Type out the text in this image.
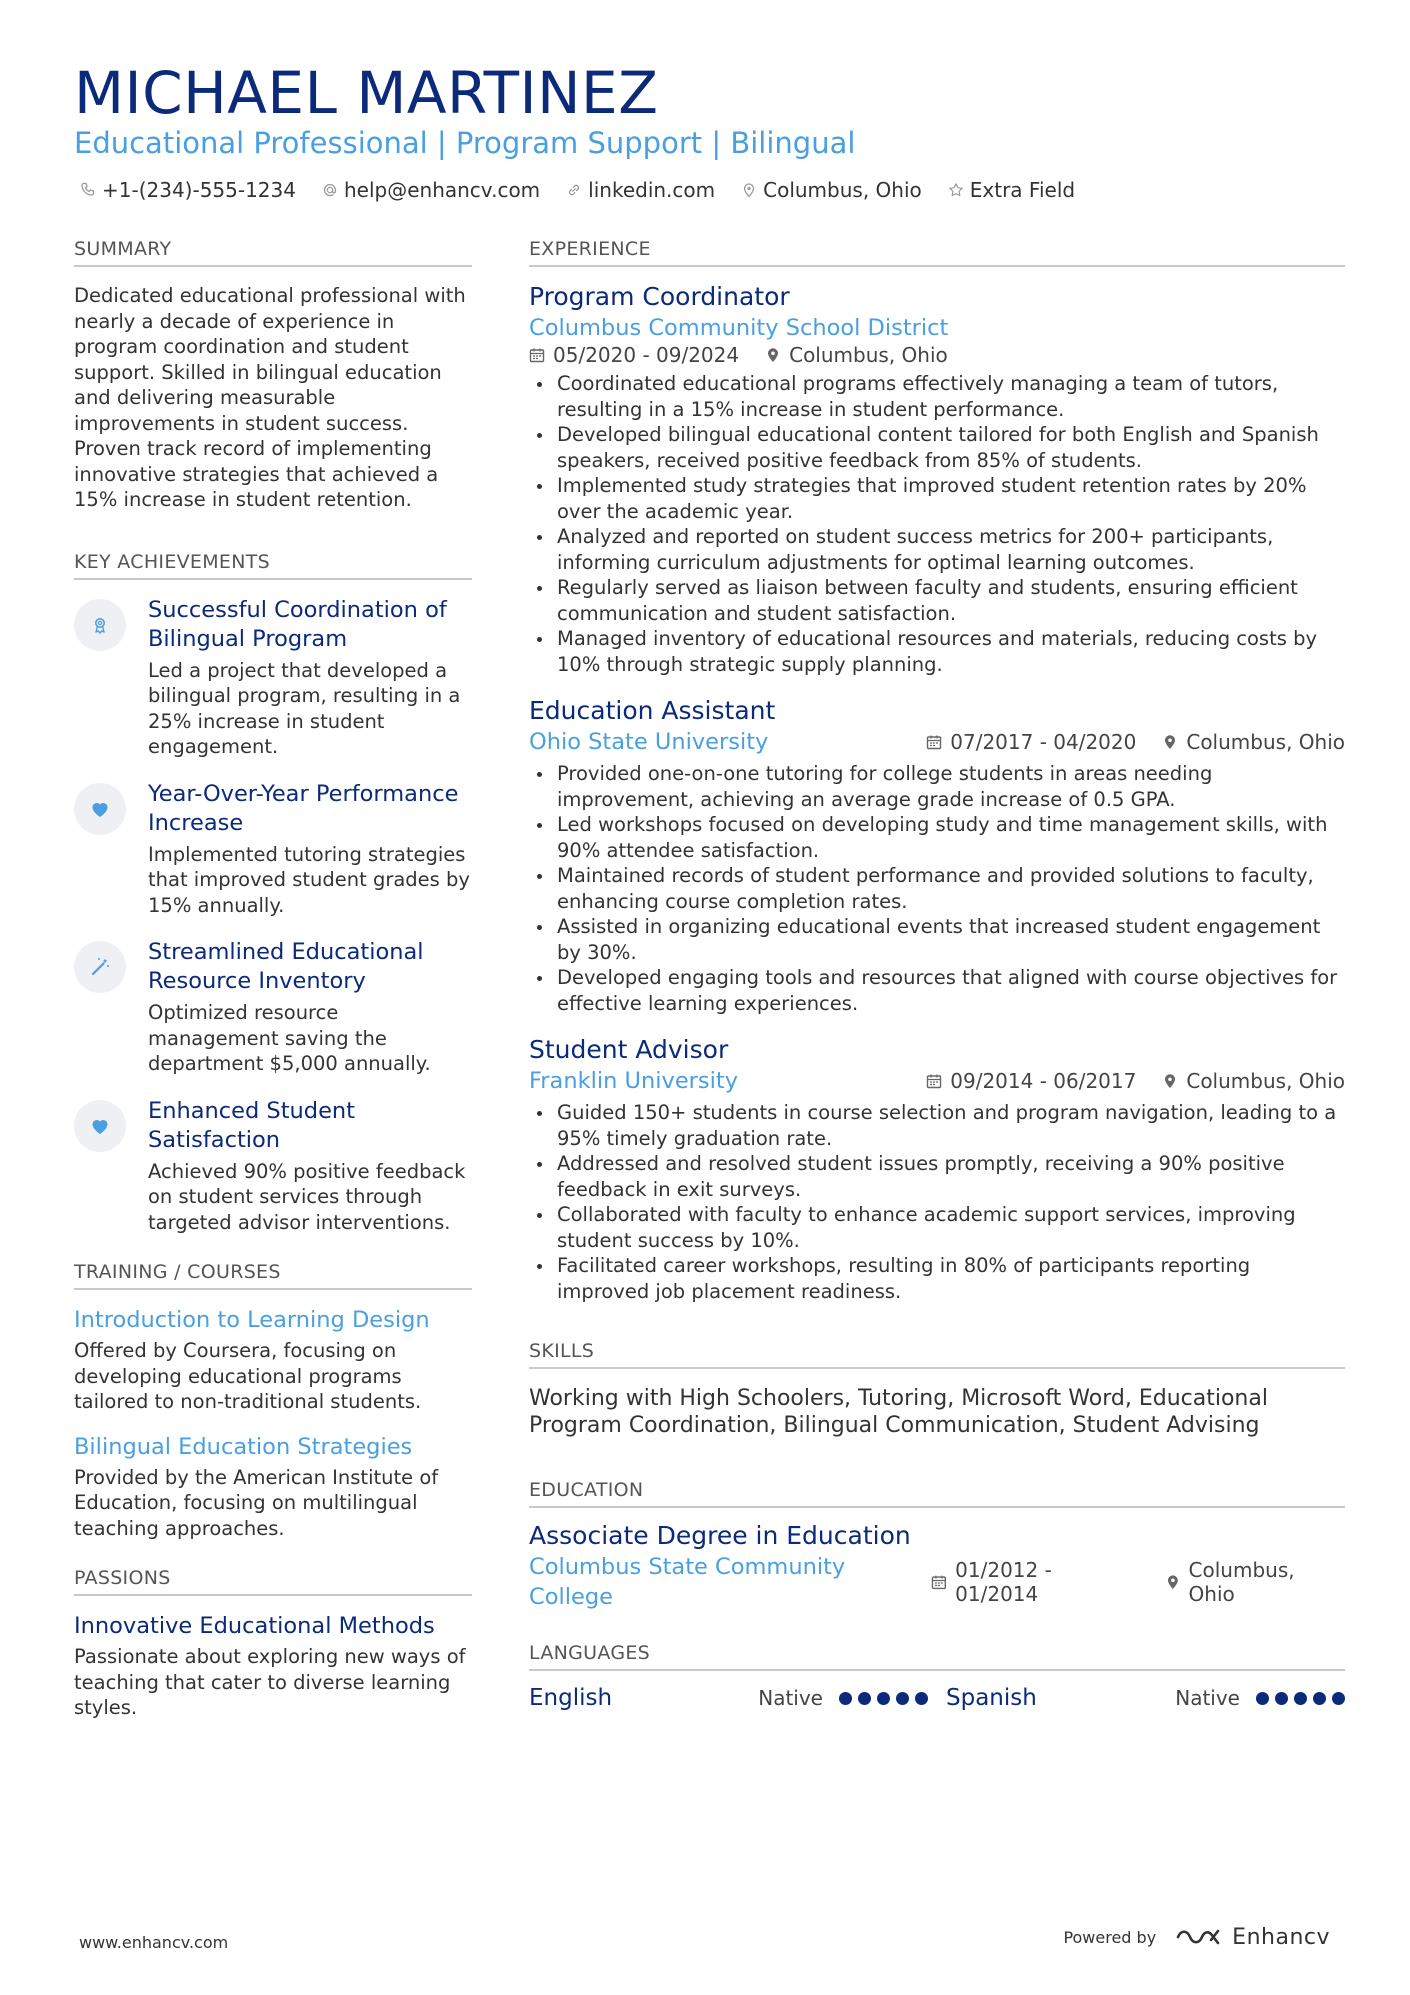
MICHAEL MARTINEZ
Educational Professional | Program Support | Bilingual
+1-(234)-555-1234 help@enhancv.com linkedin.com Columbus, Ohio Extra Field
SUMMARY

Dedicated educational professional with nearly a decade of experience in program coordination and student support. Skilled in bilingual education and delivering measurable improvements in student success. Proven track record of implementing innovative strategies that achieved a 15% increase in student retention.

KEY ACHIEVEMENTS
Successful Coordination of Bilingual Program

Led a project that developed a bilingual program, resulting in a 25% increase in student engagement.

Year-Over-Year Performance Increase

Implemented tutoring strategies that improved student grades by 15% annually.

Streamlined Educational Resource Inventory

Optimized resource management saving the department $5,000 annually.

Enhanced Student Satisfaction

Achieved 90% positive feedback on student services through targeted advisor interventions.

TRAINING / COURSES
Introduction to Learning Design

Offered by Coursera, focusing on developing educational programs tailored to non-traditional students.

Bilingual Education Strategies

Provided by the American Institute of Education, focusing on multilingual teaching approaches.

PASSIONS
Innovative Educational Methods

Passionate about exploring new ways of teaching that cater to diverse learning styles.

EXPERIENCE
Program Coordinator
Columbus Community School District
05/2020 - 09/2024	Columbus, Ohio
Coordinated educational programs effectively managing a team of tutors, resulting in a 15% increase in student performance.
Developed bilingual educational content tailored for both English and Spanish speakers, received positive feedback from 85% of students.
Implemented study strategies that improved student retention rates by 20% over the academic year.
Analyzed and reported on student success metrics for 200+ participants, informing curriculum adjustments for optimal learning outcomes.
Regularly served as liaison between faculty and students, ensuring efficient communication and student satisfaction.
Managed inventory of educational resources and materials, reducing costs by 10% through strategic supply planning.
Education Assistant
Ohio State University	07/2017 - 04/2020	Columbus, Ohio
Provided one-on-one tutoring for college students in areas needing improvement, achieving an average grade increase of 0.5 GPA.
Led workshops focused on developing study and time management skills, with 90% attendee satisfaction.
Maintained records of student performance and provided solutions to faculty, enhancing course completion rates.
Assisted in organizing educational events that increased student engagement by 30%.
Developed engaging tools and resources that aligned with course objectives for effective learning experiences.
Student Advisor
Franklin University	09/2014 - 06/2017	Columbus, Ohio
Guided 150+ students in course selection and program navigation, leading to a 95% timely graduation rate.
Addressed and resolved student issues promptly, receiving a 90% positive feedback in exit surveys.
Collaborated with faculty to enhance academic support services, improving student success by 10%.
Facilitated career workshops, resulting in 80% of participants reporting improved job placement readiness.
SKILLS

Working with High Schoolers, Tutoring, Microsoft Word, Educational Program Coordination, Bilingual Communication, Student Advising

EDUCATION
Associate Degree in Education
Columbus State Community College
01/2012 - 01/2014
Columbus, Ohio
LANGUAGES
English	Native	Spanish	Native
www.enhancv.com	Powered by	Enhancv
